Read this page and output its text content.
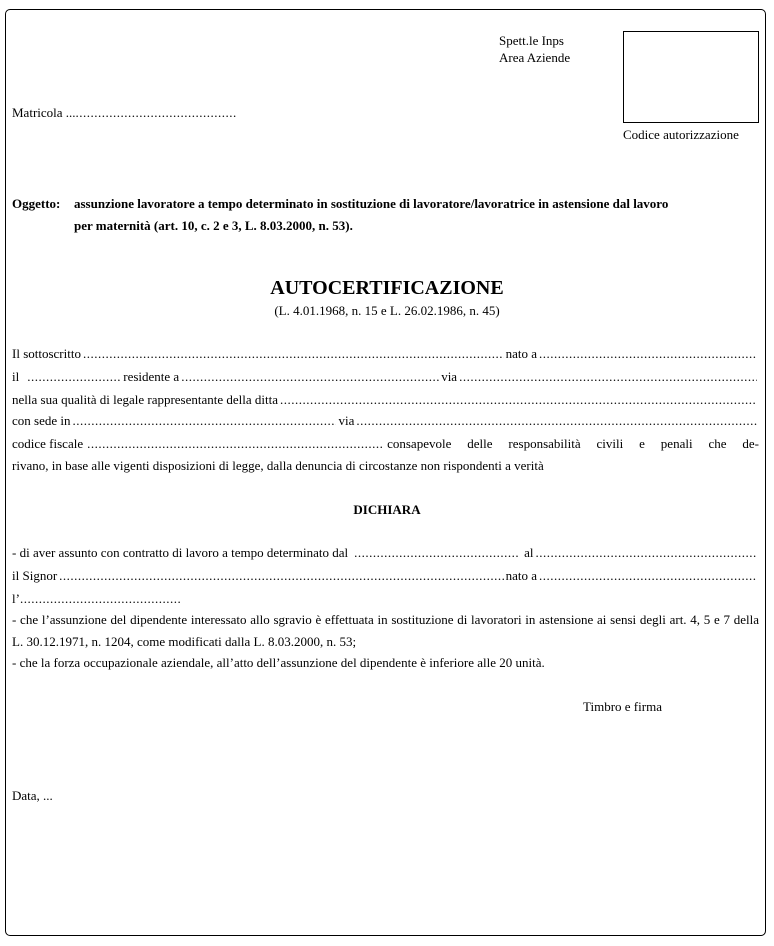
Spett.le Inps
Area Aziende
Codice autorizzazione
Matricola ..............................................
Oggetto: assunzione lavoratore a tempo determinato in sostituzione di lavoratore/lavoratrice in astensione dal lavoro
per maternità (art. 10, c. 2 e 3, L. 8.03.2000, n. 53).
AUTOCERTIFICAZIONE
(L. 4.01.1968, n. 15 e L. 26.02.1986, n. 45)
Il sottoscritto .....	nato a
.....
il .....	residente a .....	via
.....
nella sua qualità di legale rappresentante della ditta
.....
con sede in .....	via
.....
codice fiscale .....	consapevole delle responsabilità civili e penali che de-
rivano, in base alle vigenti disposizioni di legge, dalla denuncia di circostanze non rispondenti a verità
DICHIARA
- di aver assunto con contratto di lavoro a tempo determinato dal .....	al
.....
il Signor .....	nato a
.....
l’
.....
- che l’assunzione del dipendente interessato allo sgravio è effettuata in sostituzione di lavoratori in astensione ai sensi degli art. 4, 5 e 7 della L. 30.12.1971, n. 1204, come modificati dalla L. 8.03.2000, n. 53;
- che la forza occupazionale aziendale, all’atto dell’assunzione del dipendente è inferiore alle 20 unità.
Timbro e firma
Data, ...
